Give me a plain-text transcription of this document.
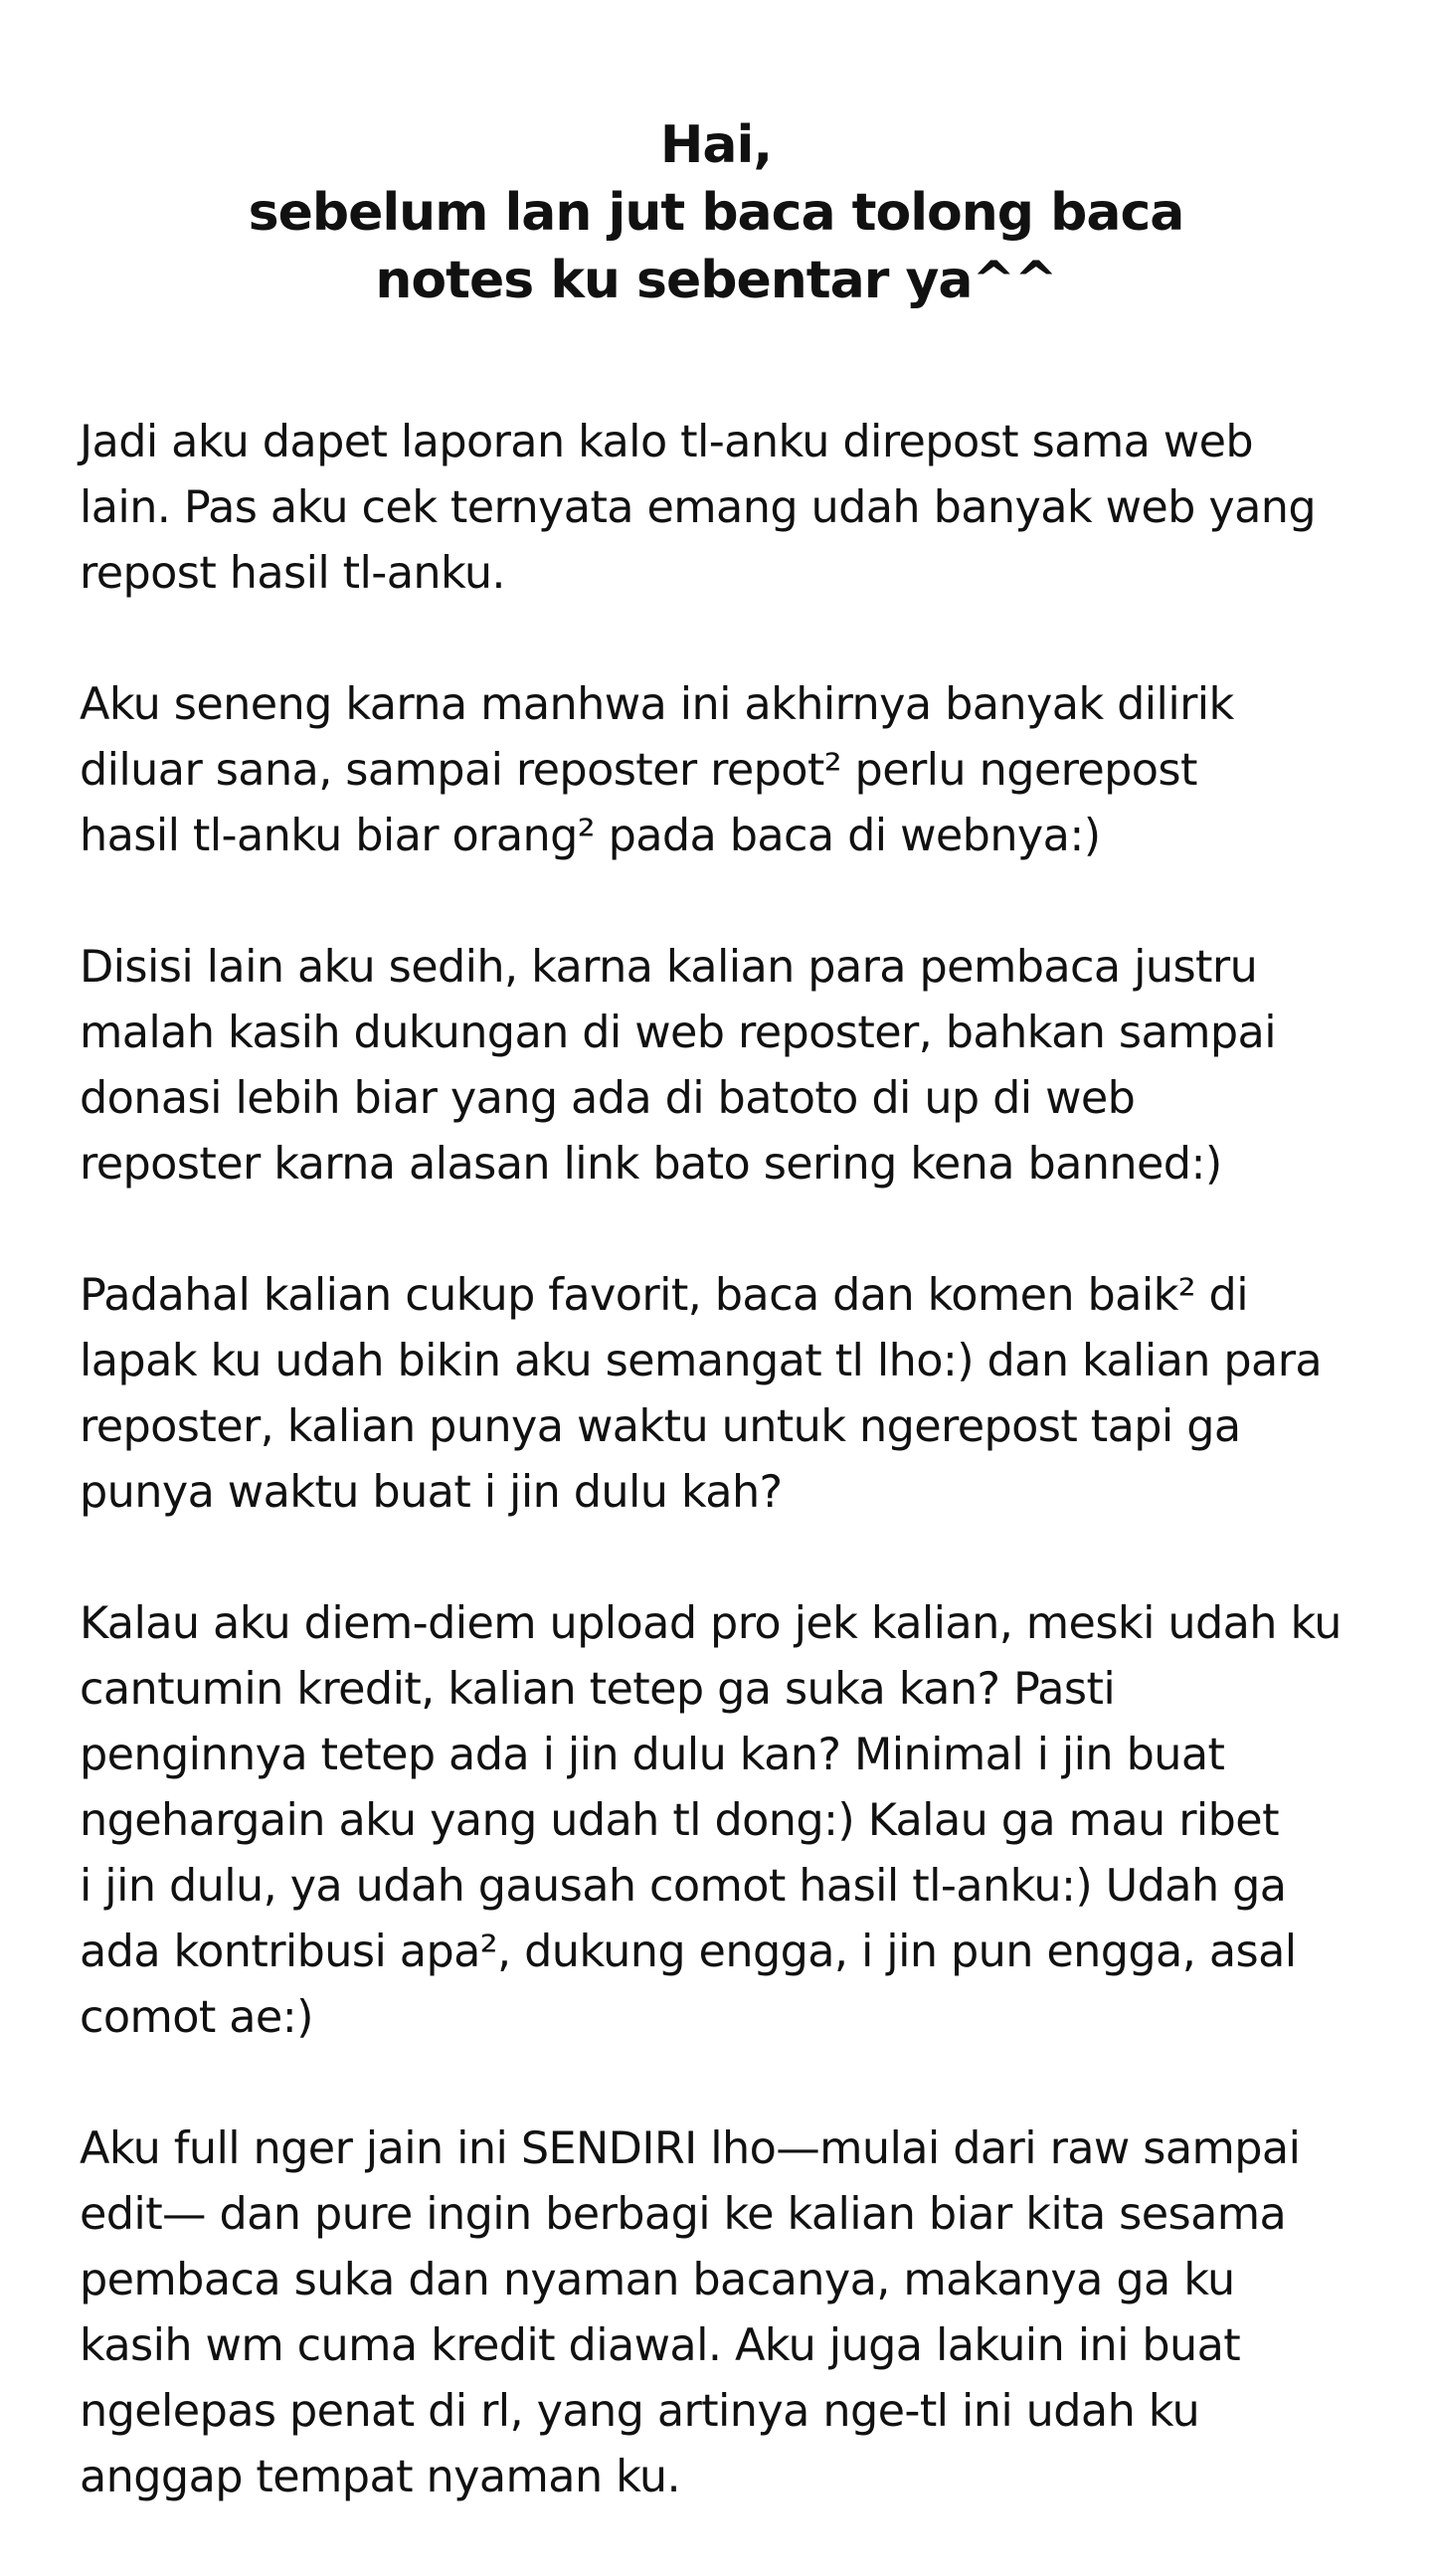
Hai,
sebelum lan jut baca tolong baca
notes ku sebentar ya^^
Jadi aku dapet laporan kalo tl-anku direpost sama web
lain. Pas aku cek ternyata emang udah banyak web yang
repost hasil tl-anku.
Aku seneng karna manhwa ini akhirnya banyak dilirik
diluar sana, sampai reposter repot² perlu ngerepost
hasil tl-anku biar orang² pada baca di webnya:)
Disisi lain aku sedih, karna kalian para pembaca justru
malah kasih dukungan di web reposter, bahkan sampai
donasi lebih biar yang ada di batoto di up di web
reposter karna alasan link bato sering kena banned:)
Padahal kalian cukup favorit, baca dan komen baik² di
lapak ku udah bikin aku semangat tl lho:) dan kalian para
reposter, kalian punya waktu untuk ngerepost tapi ga
punya waktu buat i jin dulu kah?
Kalau aku diem-diem upload pro jek kalian, meski udah ku
cantumin kredit, kalian tetep ga suka kan? Pasti
penginnya tetep ada i jin dulu kan? Minimal i jin buat
ngehargain aku yang udah tl dong:) Kalau ga mau ribet
i jin dulu, ya udah gausah comot hasil tl-anku:) Udah ga
ada kontribusi apa², dukung engga, i jin pun engga, asal
comot ae:)
Aku full nger jain ini SENDIRI lho—mulai dari raw sampai
edit— dan pure ingin berbagi ke kalian biar kita sesama
pembaca suka dan nyaman bacanya, makanya ga ku
kasih wm cuma kredit diawal. Aku juga lakuin ini buat
ngelepas penat di rl, yang artinya nge-tl ini udah ku
anggap tempat nyaman ku.
